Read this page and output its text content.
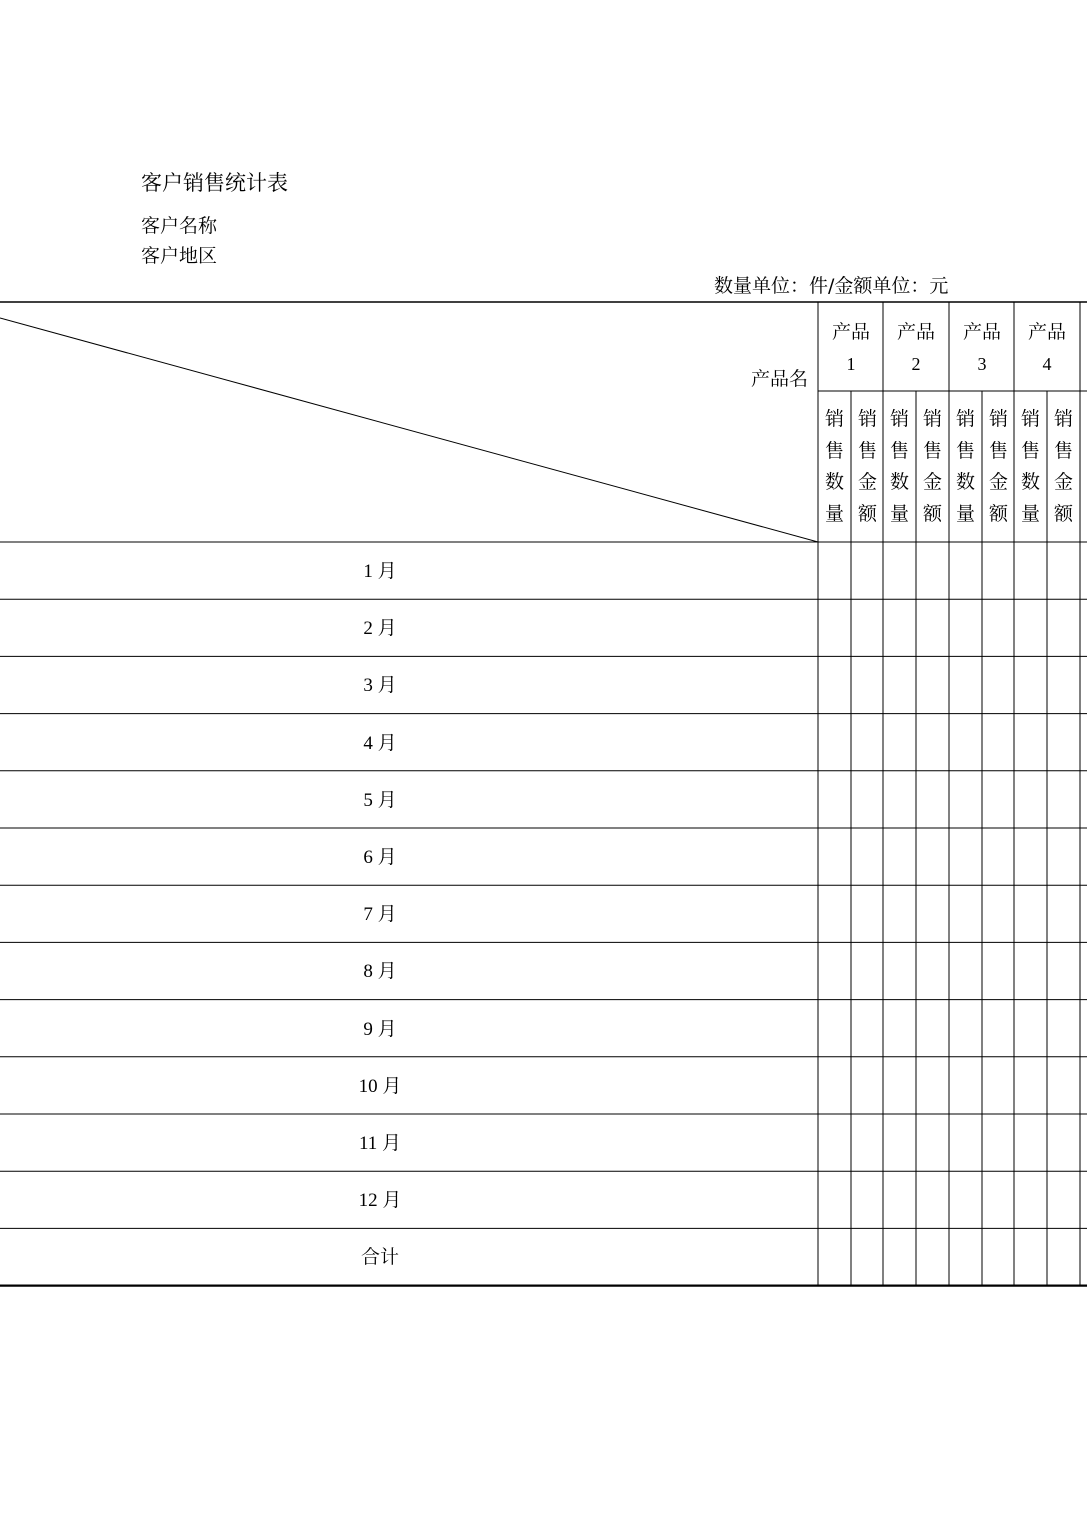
客户销售统计表
客户名称
客户地区
数量单位：件/金额单位：元
产品名
产品
1
产品
2
产品
3
产品
4
销
售
数
量
销
售
金
额
销
售
数
量
销
售
金
额
销
售
数
量
销
售
金
额
销
售
数
量
销
售
金
额
1 月
2 月
3 月
4 月
5 月
6 月
7 月
8 月
9 月
10 月
11 月
12 月
合计
